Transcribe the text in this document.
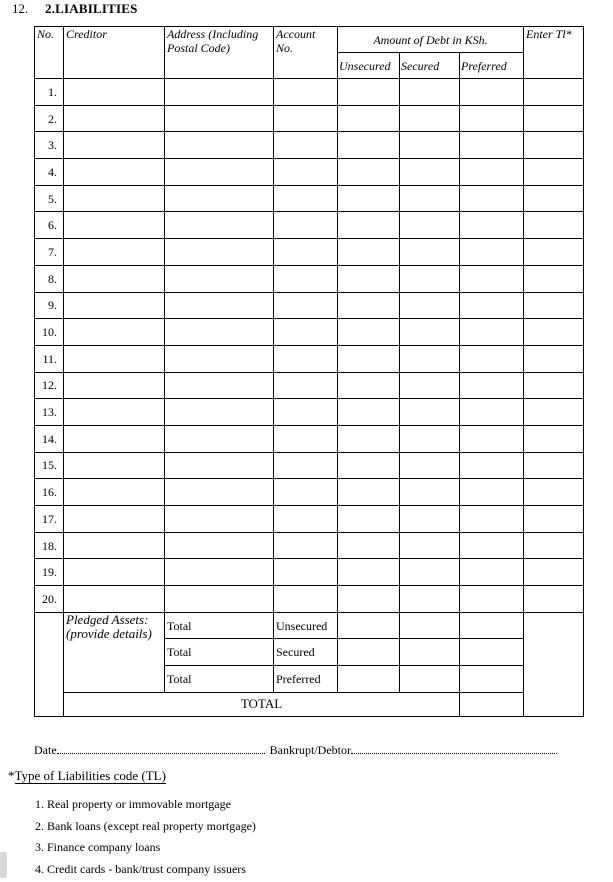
12. 2.LIABILITIES
No.	Creditor	Address (Including Postal Code)	Account No.	Amount of Debt in KSh.			Enter Tl*
				Unsecured	Secured	Preferred	
1.							
2.							
3.							
4.							
5.							
6.							
7.							
8.							
9.							
10.							
11.							
12.							
13.							
14.							
15.							
16.							
17.							
18.							
19.							
20.							
	Pledged Assets: (provide details)	Total	Unsecured				
		Total	Secured				
		Total	Preferred				
	TOTAL						
Date	Bankrupt/Debtor
*Type of Liabilities code (TL)
1. Real property or immovable mortgage
2. Bank loans (except real property mortgage)
3. Finance company loans
4. Credit cards - bank/trust company issuers
